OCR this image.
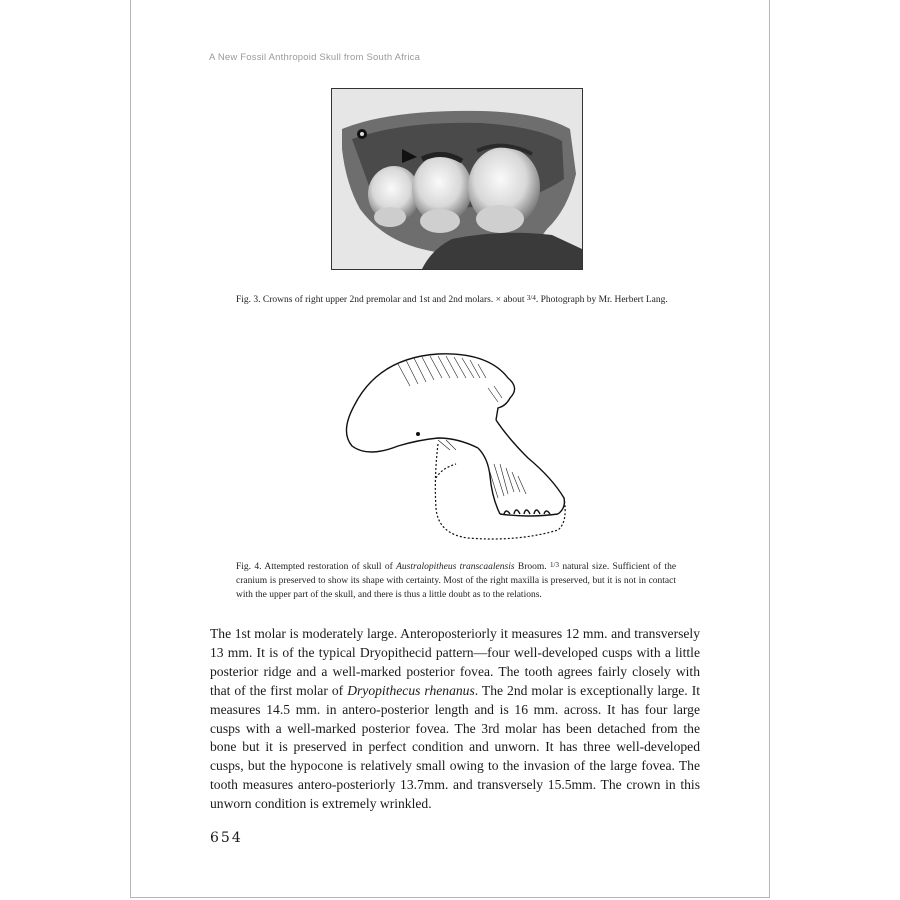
A New Fossil Anthropoid Skull from South Africa
Fig. 3. Crowns of right upper 2nd premolar and 1st and 2nd molars. × about $^{3/4}$. Photograph by Mr. Herbert Lang.
Fig. 4. Attempted restoration of skull of Australopitheus transcaalensis Broom. $^{1/3}$ natural size. Sufficient of the cranium is preserved to show its shape with certainty. Most of the right maxilla is preserved, but it is not in contact with the upper part of the skull, and there is thus a little doubt as to the relations.
The 1st molar is moderately large. Anteroposteriorly it measures 12 mm. and transversely 13 mm. It is of the typical Dryopithecid pattern—four well-developed cusps with a little posterior ridge and a well-marked posterior fovea. The tooth agrees fairly closely with that of the first molar of Dryopithecus rhenanus. The 2nd molar is exceptionally large. It measures 14.5 mm. in antero-posterior length and is 16 mm. across. It has four large cusps with a well-marked posterior fovea. The 3rd molar has been detached from the bone but it is preserved in perfect condition and unworn. It has three well-developed cusps, but the hypocone is relatively small owing to the invasion of the large fovea. The tooth measures antero-posteriorly 13.7mm. and transversely 15.5mm. The crown in this unworn condition is extremely wrinkled.
654
